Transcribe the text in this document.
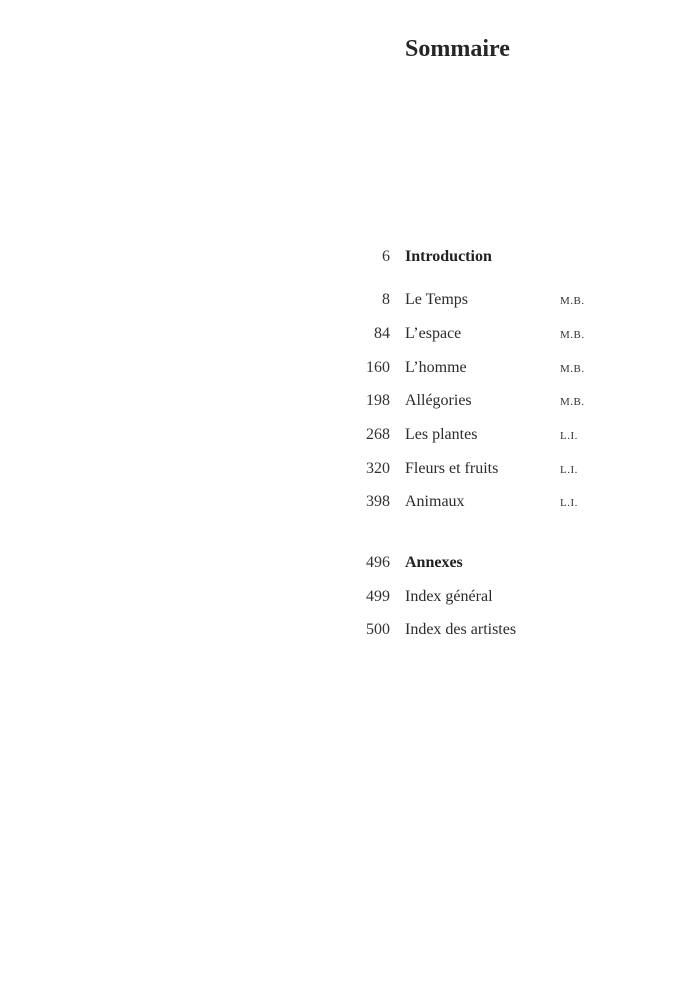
Sommaire
6 Introduction
8 Le Temps	M.B.
84 L’espace	M.B.
160 L’homme	M.B.
198 Allégories	M.B.
268 Les plantes	L.I.
320 Fleurs et fruits	L.I.
398 Animaux	L.I.
496 Annexes
499 Index général
500 Index des artistes
